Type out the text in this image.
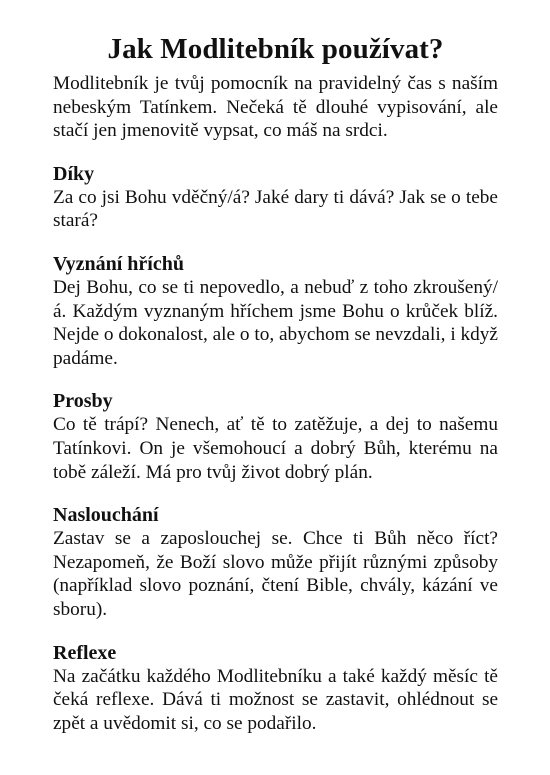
Jak Modlitebník používat?

Modlitebník je tvůj pomocník na pravidelný čas s naším nebeským Tatínkem. Nečeká tě dlouhé vypisování, ale stačí jen jmenovitě vypsat, co máš na srdci.

Díky

Za co jsi Bohu vděčný/á? Jaké dary ti dává? Jak se o tebe stará?

Vyznání hříchů

Dej Bohu, co se ti nepovedlo, a nebuď z toho zkroušený/á. Každým vyznaným hříchem jsme Bohu o krůček blíž. Nejde o dokonalost, ale o to, abychom se nevzdali, i když padáme.

Prosby

Co tě trápí? Nenech, ať tě to zatěžuje, a dej to našemu Tatínkovi. On je všemohoucí a dobrý Bůh, kterému na tobě záleží. Má pro tvůj život dobrý plán.

Naslouchání

Zastav se a zaposlouchej se. Chce ti Bůh něco říct? Nezapomeň, že Boží slovo může přijít různými způsoby (například slovo poznání, čtení Bible, chvály, kázání ve sboru).

Reflexe

Na začátku každého Modlitebníku a také každý měsíc tě čeká reflexe. Dává ti možnost se zastavit, ohlédnout se zpět a uvědomit si, co se podařilo.
